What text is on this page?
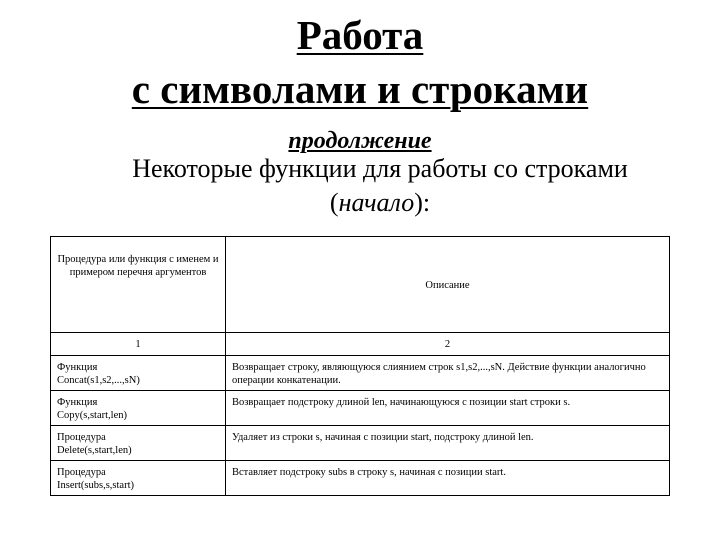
Работа
с символами и строками
продолжение
Некоторые функции для работы со строками (начало):
Процедура или функция с именем и примером перечня аргументов	Описание
1	2
Функция
Concat(s1,s2,...,sN)	Возвращает строку, являющуюся слиянием строк s1,s2,...,sN. Действие функции аналогично операции конкатенации.
Функция
Copy(s,start,len)	Возвращает подстроку длиной len, начинающуюся с позиции start строки s.
Процедура
Delete(s,start,len)	Удаляет из строки s, начиная с позиции start, подстроку длиной len.
Процедура
Insert(subs,s,start)	Вставляет подстроку subs в строку s, начиная с позиции start.
